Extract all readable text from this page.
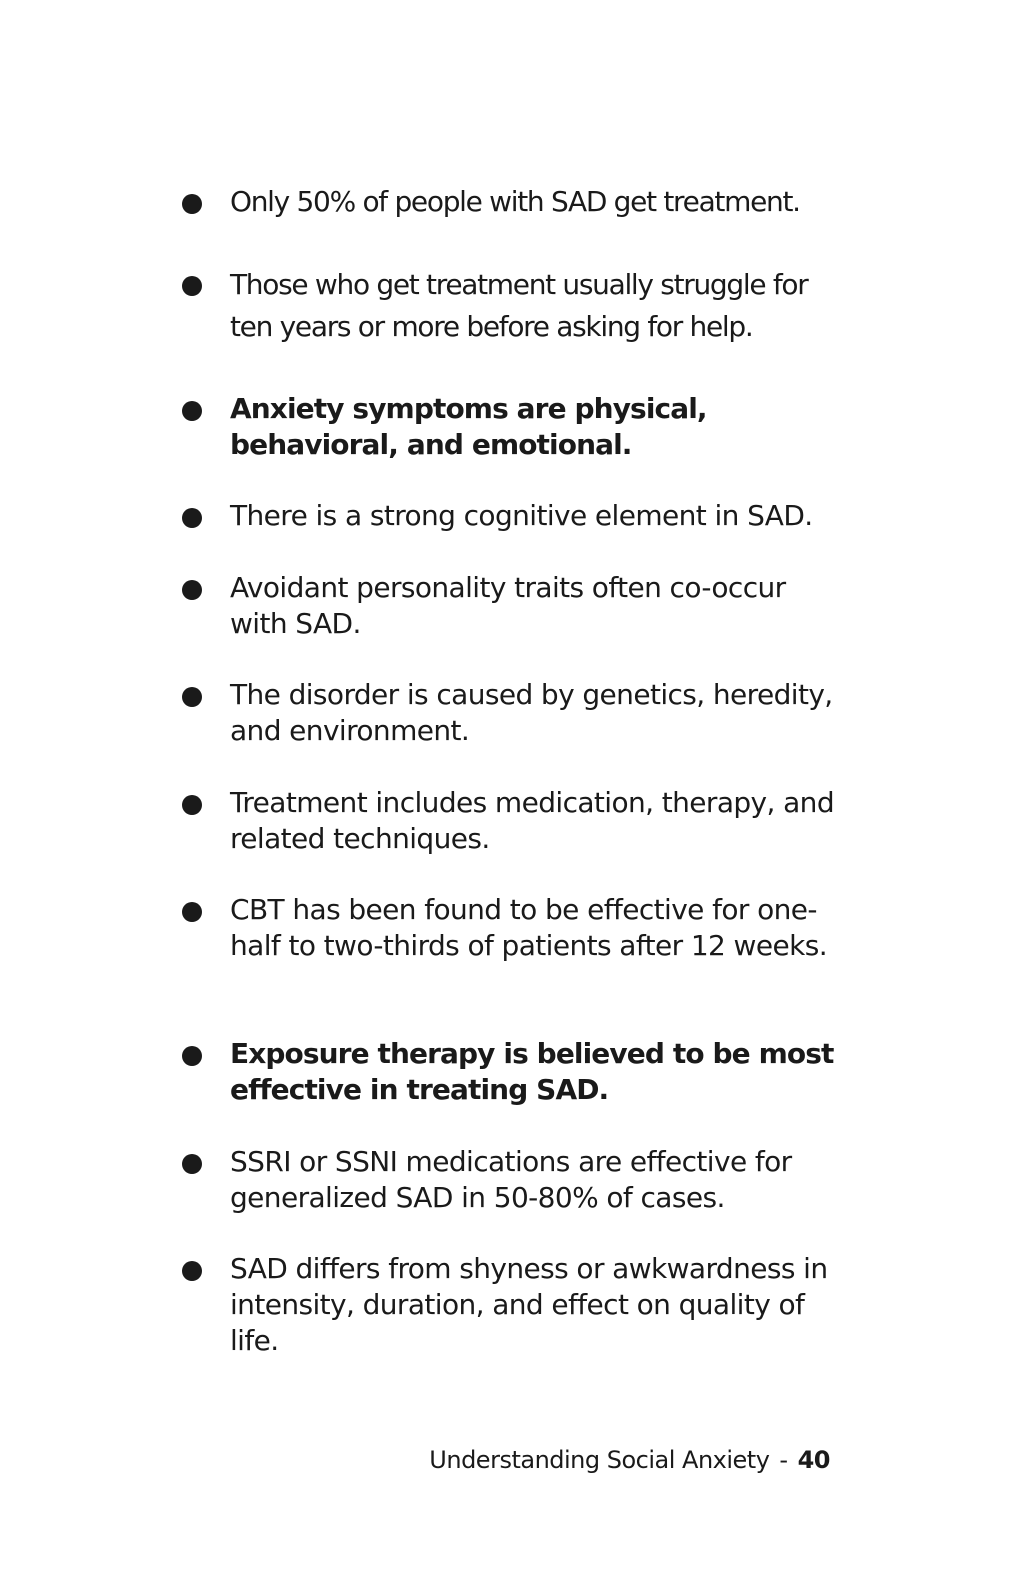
Only 50% of people with SAD get treatment.
Those who get treatment usually struggle for ten years or more before asking for help.
Anxiety symptoms are physical, behavioral, and emotional.
There is a strong cognitive element in SAD.
Avoidant personality traits often co-occur with SAD.
The disorder is caused by genetics, heredity, and environment.
Treatment includes medication, therapy, and related techniques.
CBT has been found to be effective for one-half to two-thirds of patients after 12 weeks.
Exposure therapy is believed to be most effective in treating SAD.
SSRI or SSNI medications are effective for generalized SAD in 50-80% of cases.
SAD differs from shyness or awkwardness in intensity, duration, and effect on quality of life.
Understanding Social Anxiety - 40
